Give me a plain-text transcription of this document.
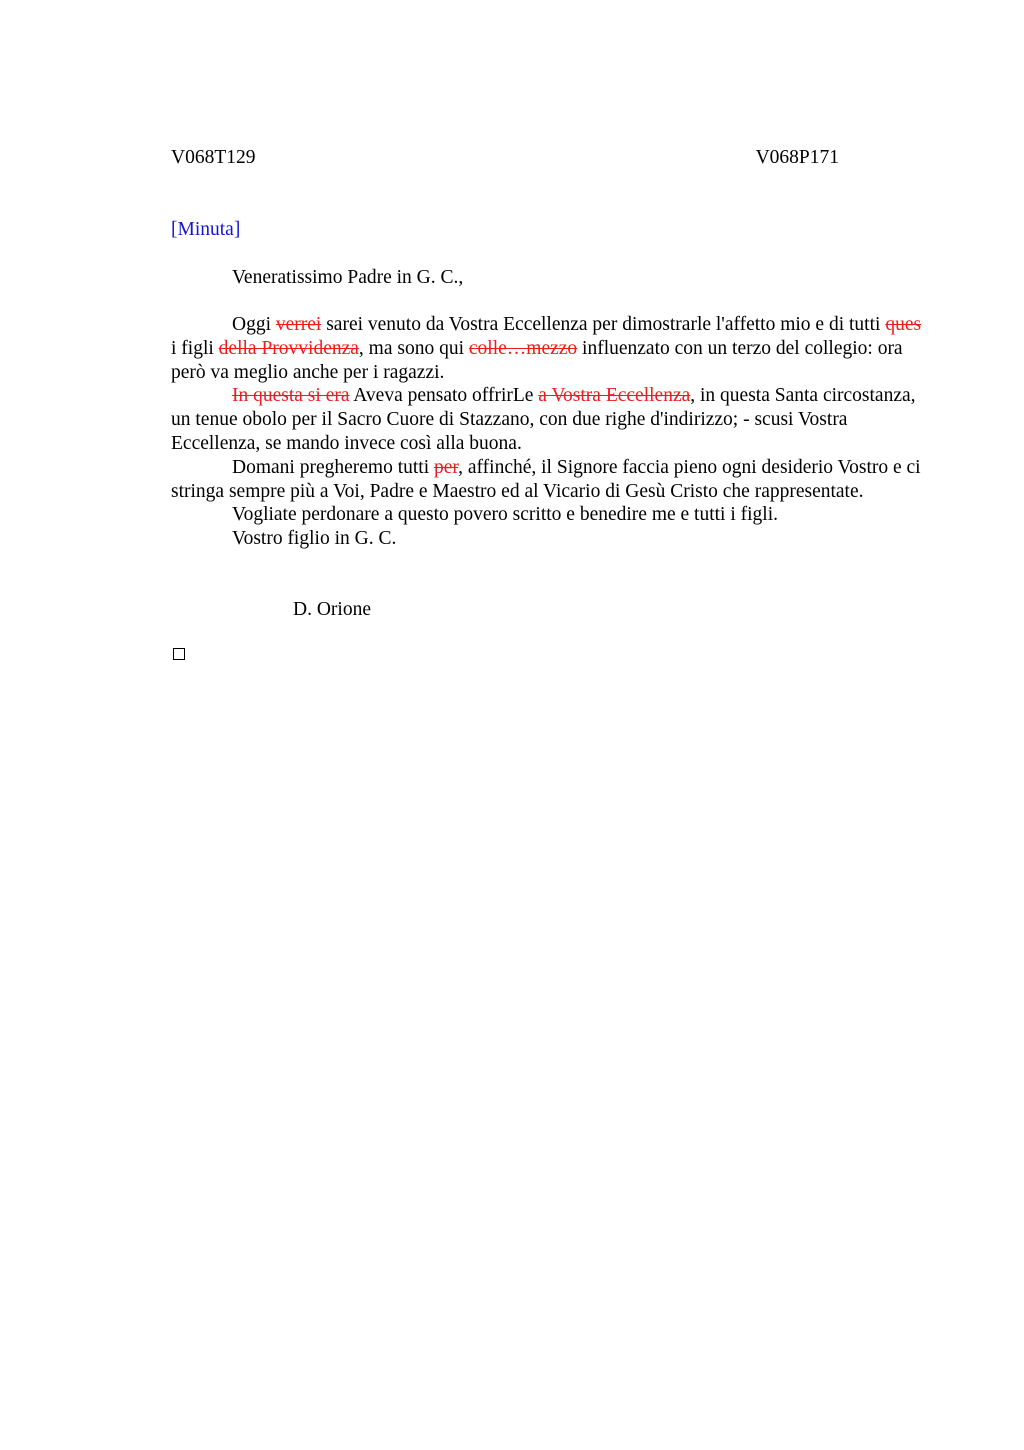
V068T129	V068P171
[Minuta]
Veneratissimo Padre in G. C.,

Oggi verrei sarei venuto da Vostra Eccellenza per dimostrarle l'affetto mio e di tutti ques i figli della Provvidenza, ma sono qui colle…mezzo influenzato con un terzo del collegio: ora però va meglio anche per i ragazzi.

In questa si era Aveva pensato offrirLe a Vostra Eccellenza, in questa Santa circostanza, un tenue obolo per il Sacro Cuore di Stazzano, con due righe d'indirizzo; - scusi Vostra Eccellenza, se mando invece così alla buona.

Domani pregheremo tutti per, affinché, il Signore faccia pieno ogni desiderio Vostro e ci stringa sempre più a Voi, Padre e Maestro ed al Vicario di Gesù Cristo che rappresentate.

Vogliate perdonare a questo povero scritto e benedire me e tutti i figli.

Vostro figlio in G. C.

D. Orione
